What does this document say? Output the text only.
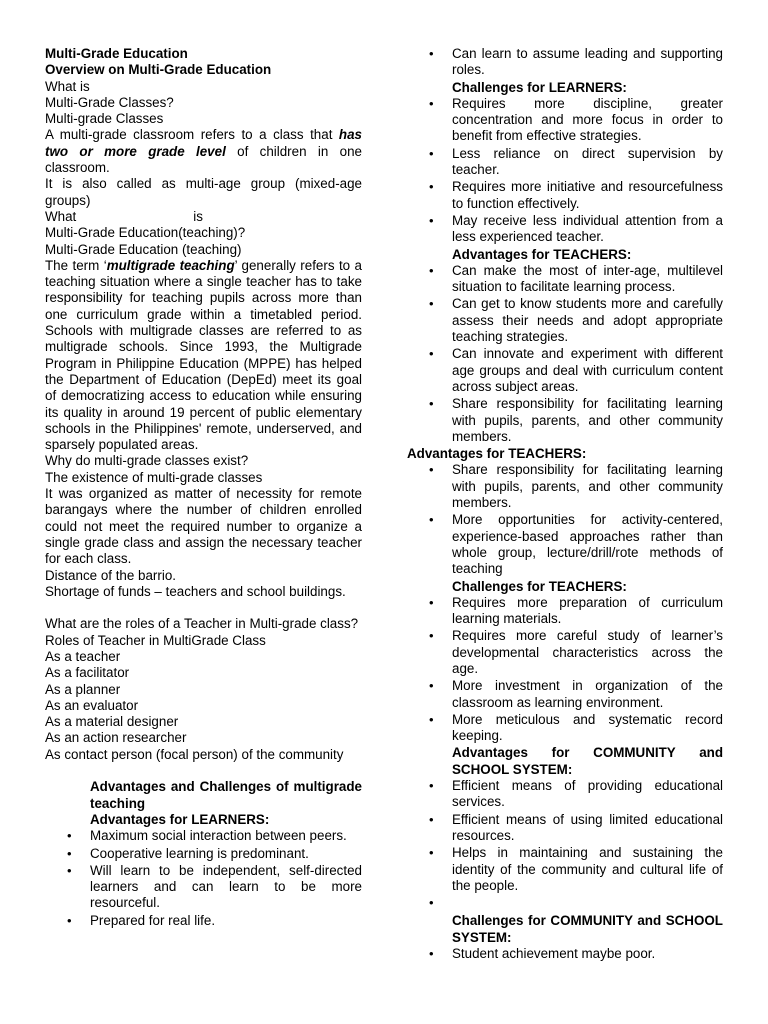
Multi-Grade Education

Overview on Multi-Grade Education

What is

Multi-Grade Classes?

Multi-grade Classes

A multi-grade classroom refers to a class that has two or more grade level of children in one classroom.

It is also called as multi-age group (mixed-age groups)

What	is

Multi-Grade Education(teaching)?

Multi-Grade Education (teaching)

The term ‘multigrade teaching’ generally refers to a teaching situation where a single teacher has to take responsibility for teaching pupils across more than one curriculum grade within a timetabled period. Schools with multigrade classes are referred to as multigrade schools. Since 1993, the Multigrade Program in Philippine Education (MPPE) has helped the Department of Education (DepEd) meet its goal of democratizing access to education while ensuring its quality in around 19 percent of public elementary schools in the Philippines' remote, underserved, and sparsely populated areas.

Why do multi-grade classes exist?

The existence of multi-grade classes

It was organized as matter of necessity for remote barangays where the number of children enrolled could not meet the required number to organize a single grade class and assign the necessary teacher for each class.

Distance of the barrio.

Shortage of funds – teachers and school buildings.

What are the roles of a Teacher in Multi-grade class?

Roles of Teacher in MultiGrade Class

As a teacher

As a facilitator

As a planner

As an evaluator

As a material designer

As an action researcher

As contact person (focal person) of the community

Advantages and Challenges of multigrade teaching

Advantages for LEARNERS:

• Maximum social interaction between peers.
• Cooperative learning is predominant.
• Will learn to be independent, self-directed learners and can learn to be more resourceful.
• Prepared for real life.
• Can learn to assume leading and supporting roles.

Challenges for LEARNERS:

• Requires more discipline, greater concentration and more focus in order to benefit from effective strategies.
• Less reliance on direct supervision by teacher.
• Requires more initiative and resourcefulness to function effectively.
• May receive less individual attention from a less experienced teacher.

Advantages for TEACHERS:

• Can make the most of inter-age, multilevel situation to facilitate learning process.
• Can get to know students more and carefully assess their needs and adopt appropriate teaching strategies.
• Can innovate and experiment with different age groups and deal with curriculum content across subject areas.
• Share responsibility for facilitating learning with pupils, parents, and other community members.

Advantages for TEACHERS:

• Share responsibility for facilitating learning with pupils, parents, and other community members.
• More opportunities for activity-centered, experience-based approaches rather than whole group, lecture/drill/rote methods of teaching

Challenges for TEACHERS:

• Requires more preparation of curriculum learning materials.
• Requires more careful study of learner’s developmental characteristics across the age.
• More investment in organization of the classroom as learning environment.
• More meticulous and systematic record keeping.

Advantages for COMMUNITY and SCHOOL SYSTEM:

• Efficient means of providing educational services.
• Efficient means of using limited educational resources.
• Helps in maintaining and sustaining the identity of the community and cultural life of the people.
•

Challenges for COMMUNITY and SCHOOL SYSTEM:

• Student achievement maybe poor.
